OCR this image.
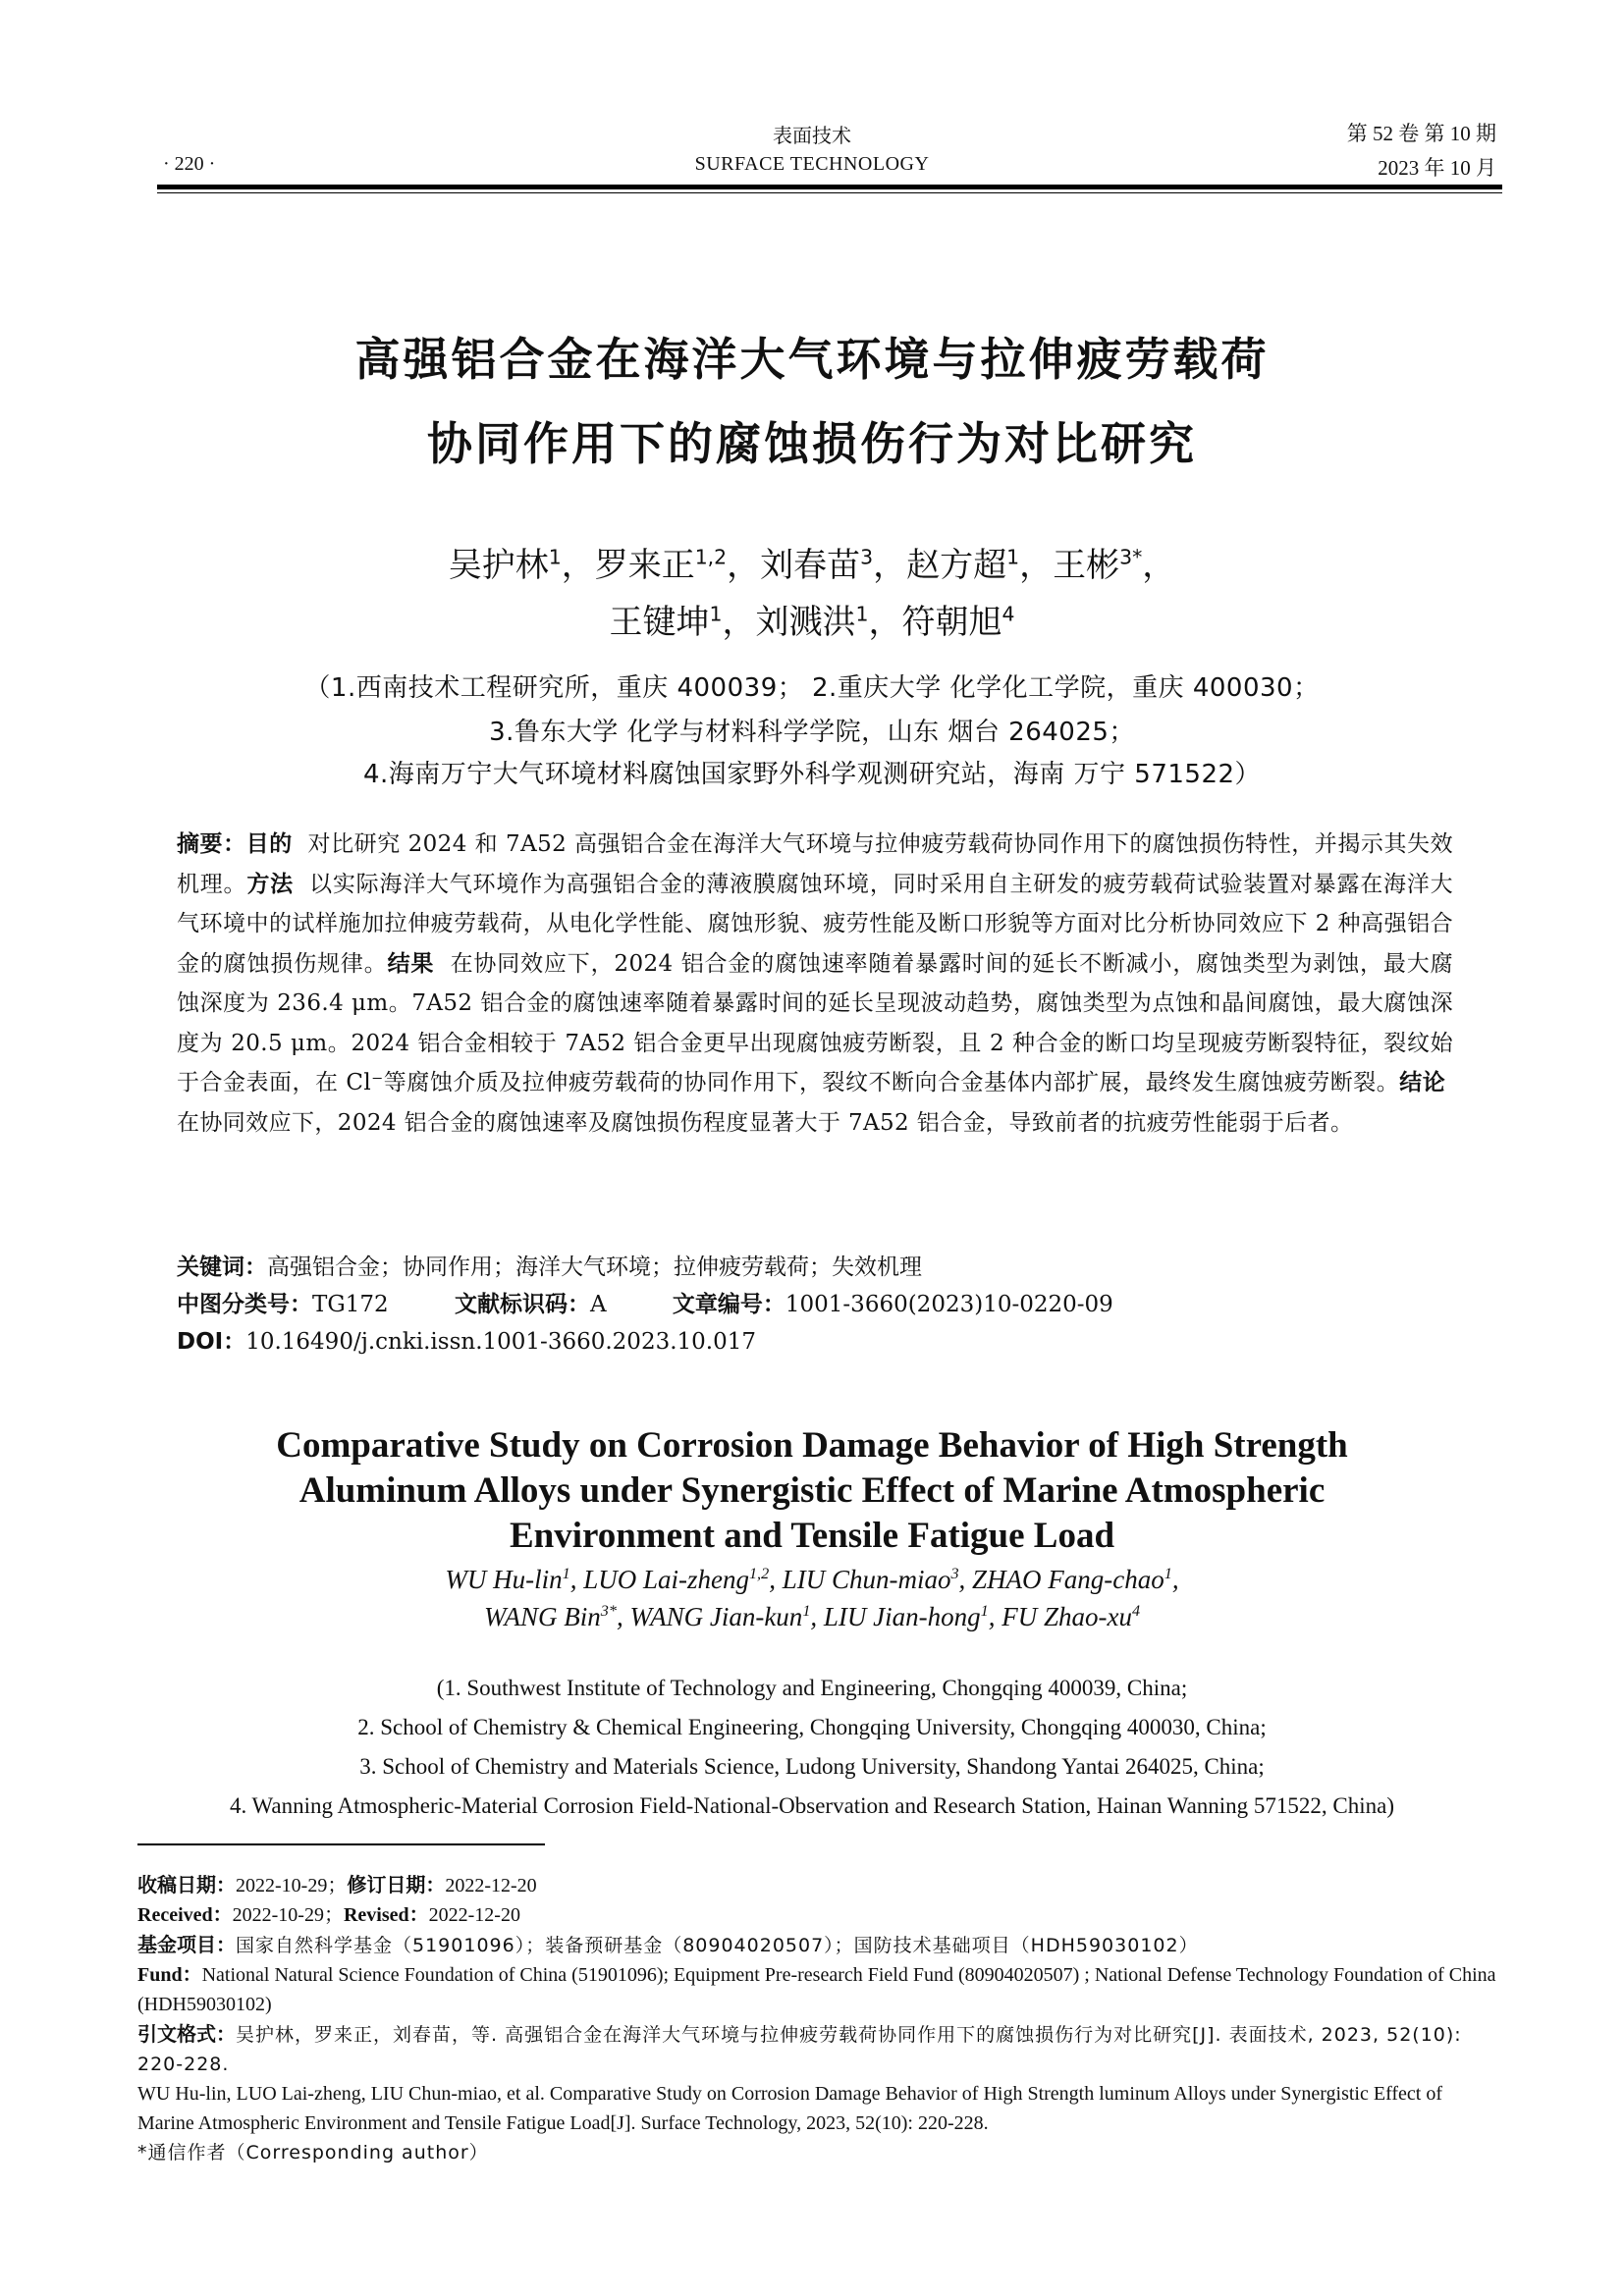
· 220 ·
表面技术
SURFACE TECHNOLOGY
第 52 卷 第 10 期
2023 年 10 月
高强铝合金在海洋大气环境与拉伸疲劳载荷
协同作用下的腐蚀损伤行为对比研究
吴护林$^1$，罗来正$^{1,2}$，刘春苗$^3$，赵方超$^1$，王彬$^{3*}$，
王键坤$^1$，刘溅洪$^1$，符朝旭$^4$
（1.西南技术工程研究所，重庆 400039； 2.重庆大学 化学化工学院，重庆 400030；
3.鲁东大学 化学与材料科学学院，山东 烟台 264025；
4.海南万宁大气环境材料腐蚀国家野外科学观测研究站，海南 万宁 571522）
摘要：目的 对比研究 2024 和 7A52 高强铝合金在海洋大气环境与拉伸疲劳载荷协同作用下的腐蚀损伤特性，并揭示其失效机理。方法 以实际海洋大气环境作为高强铝合金的薄液膜腐蚀环境，同时采用自主研发的疲劳载荷试验装置对暴露在海洋大气环境中的试样施加拉伸疲劳载荷，从电化学性能、腐蚀形貌、疲劳性能及断口形貌等方面对比分析协同效应下 2 种高强铝合金的腐蚀损伤规律。结果 在协同效应下，2024 铝合金的腐蚀速率随着暴露时间的延长不断减小，腐蚀类型为剥蚀，最大腐蚀深度为 236.4 μm。7A52 铝合金的腐蚀速率随着暴露时间的延长呈现波动趋势，腐蚀类型为点蚀和晶间腐蚀，最大腐蚀深度为 20.5 μm。2024 铝合金相较于 7A52 铝合金更早出现腐蚀疲劳断裂，且 2 种合金的断口均呈现疲劳断裂特征，裂纹始于合金表面，在 Cl⁻等腐蚀介质及拉伸疲劳载荷的协同作用下，裂纹不断向合金基体内部扩展，最终发生腐蚀疲劳断裂。结论  在协同效应下，2024 铝合金的腐蚀速率及腐蚀损伤程度显著大于 7A52 铝合金，导致前者的抗疲劳性能弱于后者。
关键词：高强铝合金；协同作用；海洋大气环境；拉伸疲劳载荷；失效机理
中图分类号：TG172	文献标识码：A	文章编号：1001-3660(2023)10-0220-09
DOI：10.16490/j.cnki.issn.1001-3660.2023.10.017
Comparative Study on Corrosion Damage Behavior of High Strength
Aluminum Alloys under Synergistic Effect of Marine Atmospheric
Environment and Tensile Fatigue Load
WU Hu-lin$^1$, LUO Lai-zheng$^{1,2}$, LIU Chun-miao$^3$, ZHAO Fang-chao$^1$,
WANG Bin$^{3*}$, WANG Jian-kun$^1$, LIU Jian-hong$^1$, FU Zhao-$xu^4$
(1. Southwest Institute of Technology and Engineering, Chongqing 400039, China;
2. School of Chemistry & Chemical Engineering, Chongqing University, Chongqing 400030, China;
3. School of Chemistry and Materials Science, Ludong University, Shandong Yantai 264025, China;
4. Wanning Atmospheric-Material Corrosion Field-National-Observation and Research Station, Hainan Wanning 571522, China)
收稿日期：2022-10-29；修订日期：2022-12-20
Received：2022-10-29；Revised：2022-12-20
基金项目：国家自然科学基金（51901096）；装备预研基金（80904020507）；国防技术基础项目（HDH59030102）
Fund：National Natural Science Foundation of China (51901096); Equipment Pre-research Field Fund (80904020507) ; National Defense Technology Foundation of China (HDH59030102)
引文格式：吴护林，罗来正，刘春苗，等. 高强铝合金在海洋大气环境与拉伸疲劳载荷协同作用下的腐蚀损伤行为对比研究[J]. 表面技术, 2023, 52(10): 220-228.
WU Hu-lin, LUO Lai-zheng, LIU Chun-miao, et al. Comparative Study on Corrosion Damage Behavior of High Strength luminum Alloys under Synergistic Effect of Marine Atmospheric Environment and Tensile Fatigue Load[J]. Surface Technology, 2023, 52(10): 220-228.
*通信作者（Corresponding author）
